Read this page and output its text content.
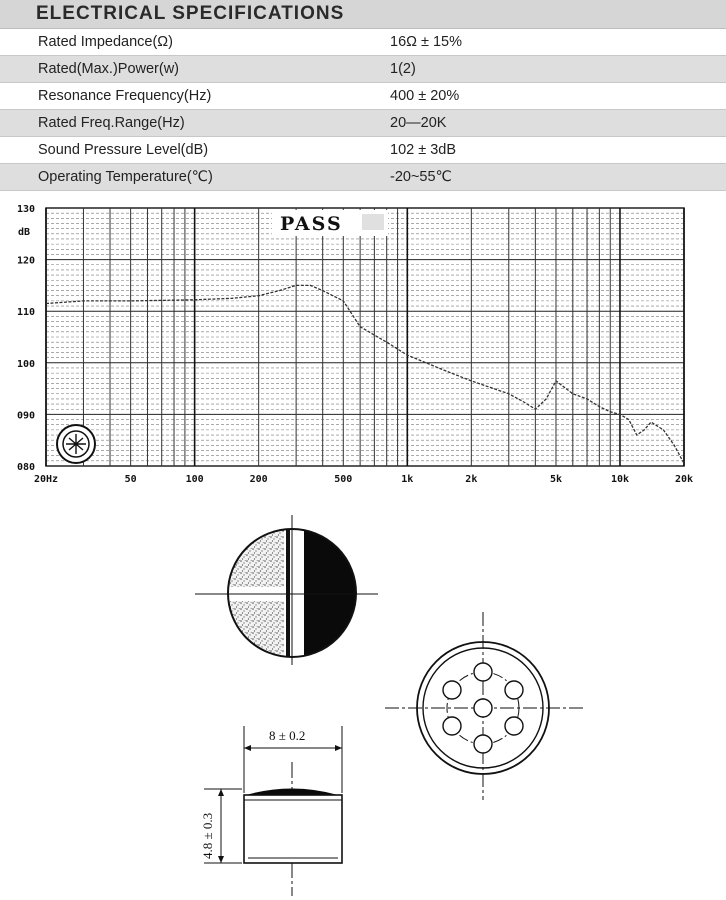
ELECTRICAL SPECIFICATIONS
Rated Impedance(Ω)	16Ω ± 15%
Rated(Max.)Power(w)	1(2)
Resonance Frequency(Hz)	400 ± 20%
Rated Freq.Range(Hz)	20—20K
Sound Pressure Level(dB)	102 ± 3dB
Operating Temperature(℃)	-20~55℃
130
120
110
100
090
080
20Hz	50	100	200	500	1k	2k	5k	10k	20k
dB	PASS
8 ± 0.2
4.8 ± 0.3
